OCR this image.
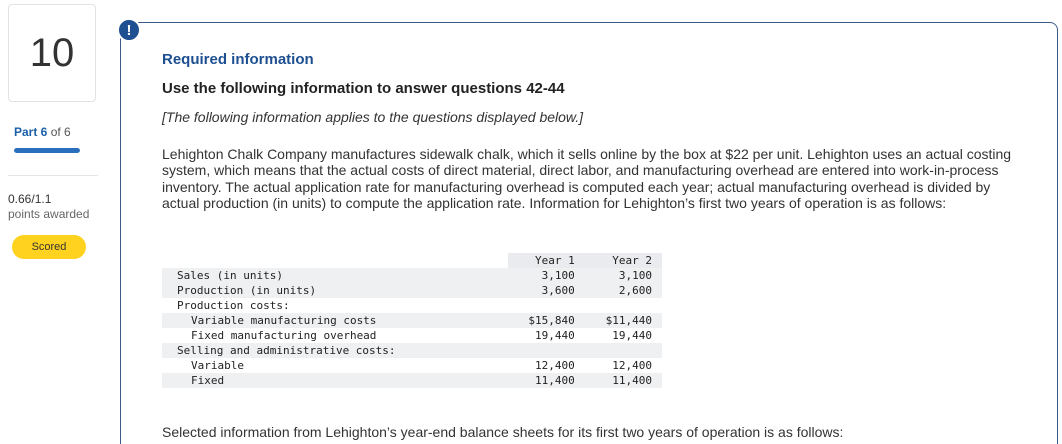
10
Part 6 of 6
0.66/1.1
points awarded
Scored
!
Required information
Use the following information to answer questions 42-44
[The following information applies to the questions displayed below.]
Lehighton Chalk Company manufactures sidewalk chalk, which it sells online by the box at $22 per unit. Lehighton uses an actual costing system, which means that the actual costs of direct material, direct labor, and manufacturing overhead are entered into work-in-process inventory. The actual application rate for manufacturing overhead is computed each year; actual manufacturing overhead is divided by actual production (in units) to compute the application rate. Information for Lehighton’s first two years of operation is as follows:
	Year 1	Year 2
Sales (in units)	3,100	3,100
Production (in units)	3,600	2,600
Production costs:		
Variable manufacturing costs	$15,840	$11,440
Fixed manufacturing overhead	19,440	19,440
Selling and administrative costs:		
Variable	12,400	12,400
Fixed	11,400	11,400
Selected information from Lehighton’s year-end balance sheets for its first two years of operation is as follows:
